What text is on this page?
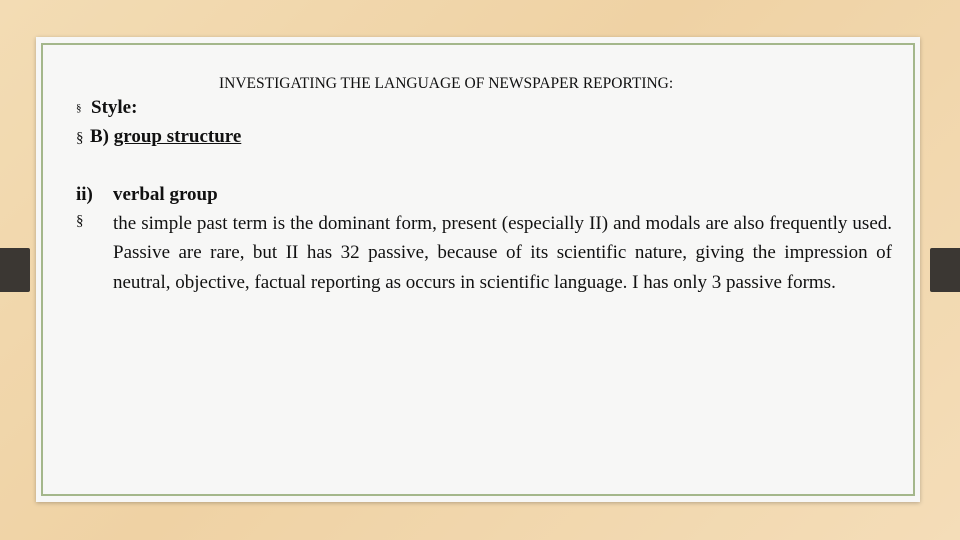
INVESTIGATING THE LANGUAGE OF NEWSPAPER REPORTING:
§ Style:
§ B) group structure
ii) verbal group
§ the simple past term is the dominant form, present (especially II) and modals are also frequently used. Passive are rare, but II has 32 passive, because of its scientific nature, giving the impression of neutral, objective, factual reporting as occurs in scientific language. I has only 3 passive forms.
